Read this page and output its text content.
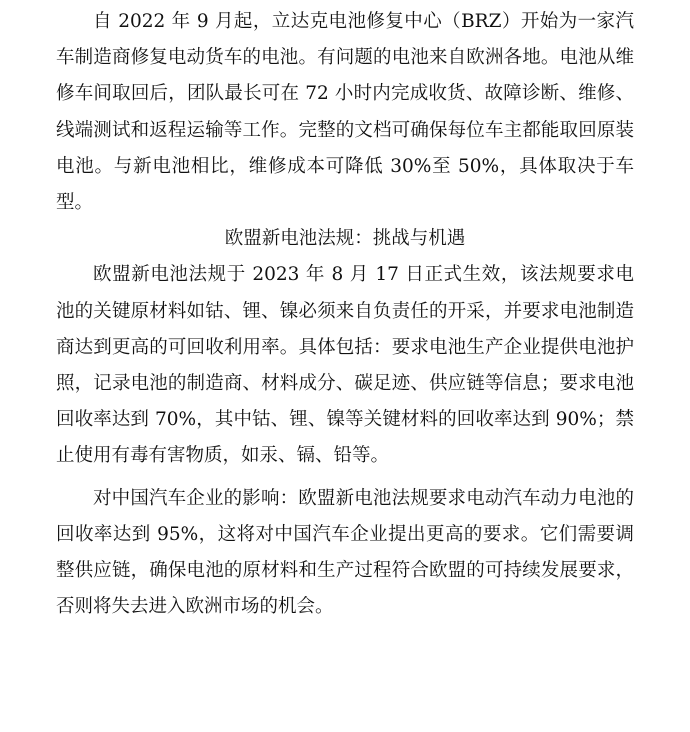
自 2022 年 9 月起，立达克电池修复中心（BRZ）开始为一家汽车制造商修复电动货车的电池。有问题的电池来自欧洲各地。电池从维修车间取回后，团队最长可在 72 小时内完成收货、故障诊断、维修、线端测试和返程运输等工作。完整的文档可确保每位车主都能取回原装电池。与新电池相比，维修成本可降低 30%至 50%，具体取决于车型。

欧盟新电池法规：挑战与机遇

欧盟新电池法规于 2023 年 8 月 17 日正式生效，该法规要求电池的关键原材料如钴、锂、镍必须来自负责任的开采，并要求电池制造商达到更高的可回收利用率。具体包括：要求电池生产企业提供电池护照，记录电池的制造商、材料成分、碳足迹、供应链等信息；要求电池回收率达到 70%，其中钴、锂、镍等关键材料的回收率达到 90%；禁止使用有毒有害物质，如汞、镉、铅等。

对中国汽车企业的影响：欧盟新电池法规要求电动汽车动力电池的回收率达到 95%，这将对中国汽车企业提出更高的要求。它们需要调整供应链，确保电池的原材料和生产过程符合欧盟的可持续发展要求，否则将失去进入欧洲市场的机会。
